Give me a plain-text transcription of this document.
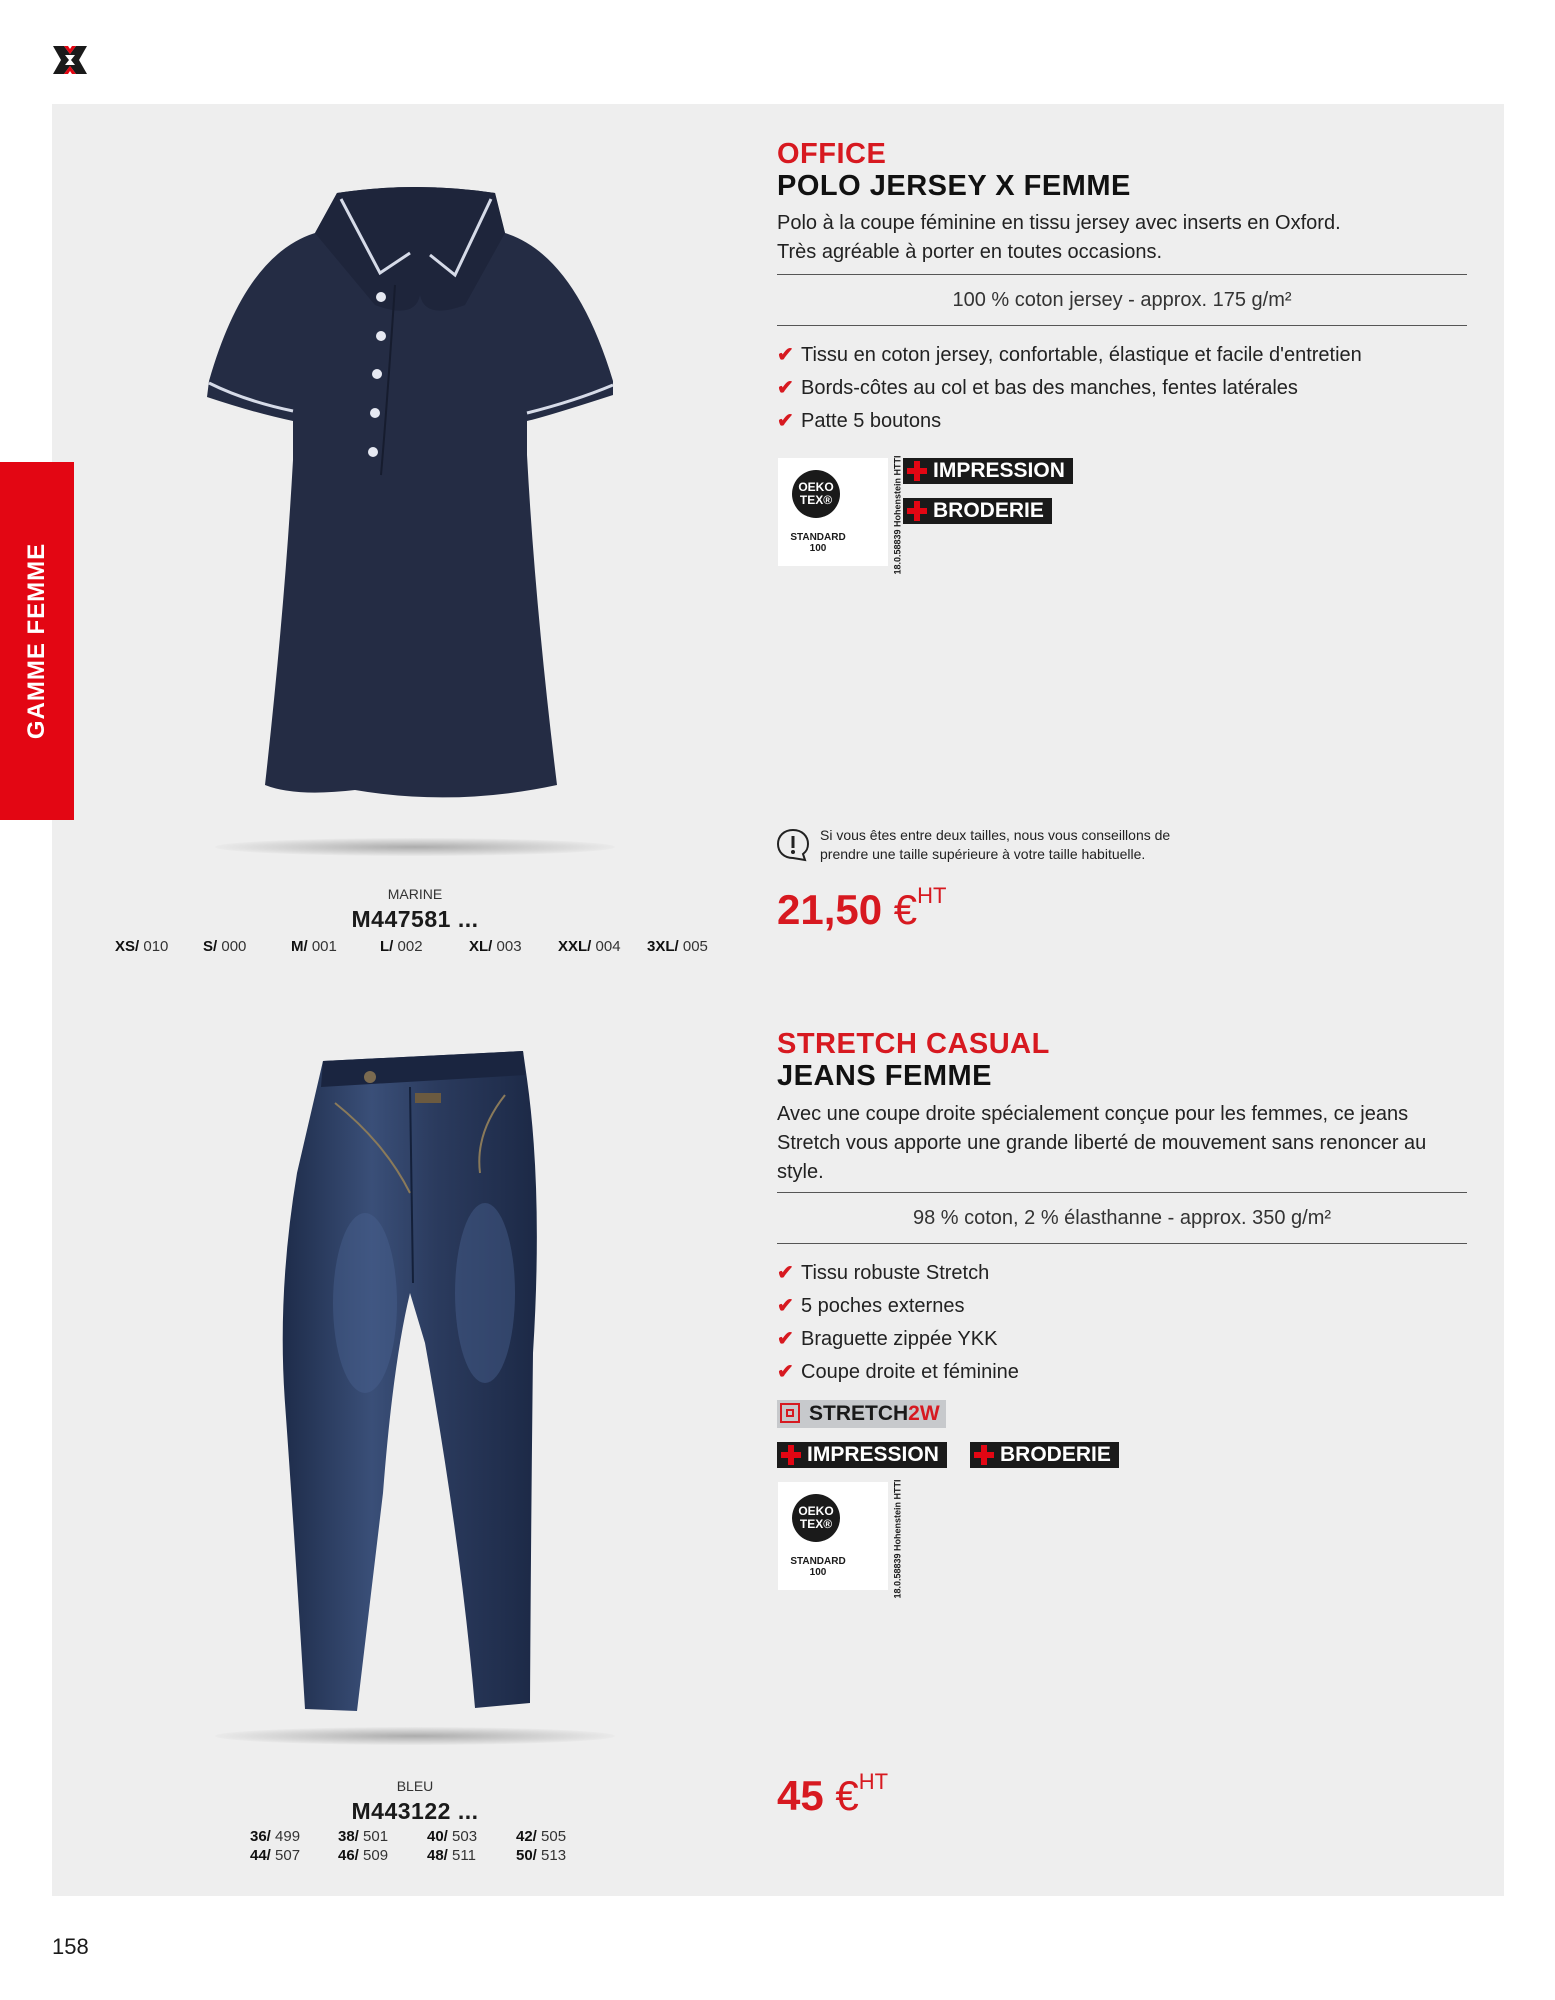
GAMME FEMME
MARINE
M447581 ...
XS/ 010 S/ 000	M/ 001	L/ 002	XL/ 003 XXL/ 004 3XL/ 005
OFFICE
POLO JERSEY X FEMME
Polo à la coupe féminine en tissu jersey avec inserts en Oxford.
Très agréable à porter en toutes occasions.
100 % coton jersey - approx. 175 g/m²
✔ Tissu en coton jersey, confortable, élastique et facile d'entretien
✔ Bords-côtes au col et bas des manches, fentes latérales
✔ Patte 5 boutons
OEKO
TEX®
STANDARD
100	18.0.58839 Hohenstein HTTI	IMPRESSION
BRODERIE
Si vous êtes entre deux tailles, nous vous conseillons de
prendre une taille supérieure à votre taille habituelle.
21,50 €$^{HT}$
BLEU
M443122 ...
36/ 499	38/ 501	40/ 503	42/ 505
44/ 507	46/ 509	48/ 511	50/ 513
STRETCH CASUAL
JEANS FEMME
Avec une coupe droite spécialement conçue pour les femmes, ce jeans
Stretch vous apporte une grande liberté de mouvement sans renoncer au
style.
98 % coton, 2 % élasthanne - approx. 350 g/m²
✔ Tissu robuste Stretch
✔ 5 poches externes
✔ Braguette zippée YKK
✔ Coupe droite et féminine
STRETCH2W
IMPRESSION	BRODERIE
OEKO
TEX®
STANDARD
100	18.0.58839 Hohenstein HTTI
45 €$^{HT}$
158
